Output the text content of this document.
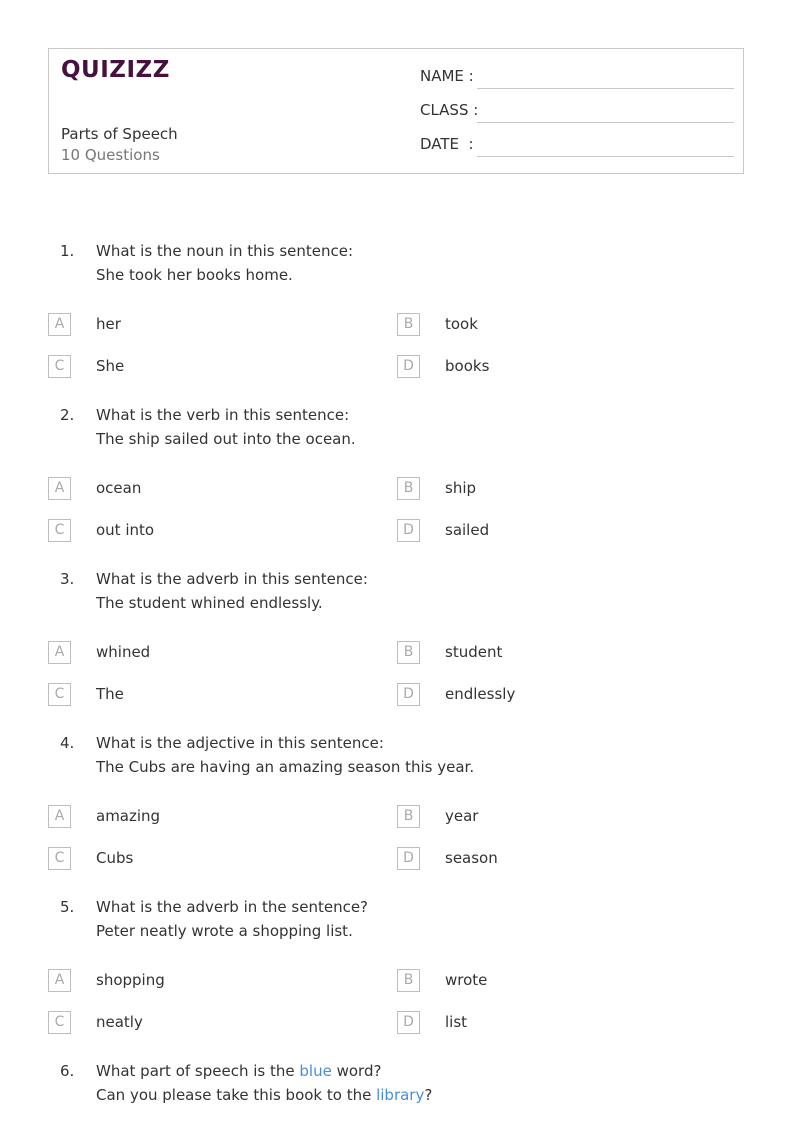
QUIZIZZ
Parts of Speech
10 Questions
NAME :
CLASS :
DATE  :
1. What is the noun in this sentence:
She took her books home.
A	her	B	took
C	She	D	books
2. What is the verb in this sentence:
The ship sailed out into the ocean.
A	ocean	B	ship
C	out into	D	sailed
3. What is the adverb in this sentence:
The student whined endlessly.
A	whined	B	student
C	The	D	endlessly
4. What is the adjective in this sentence:
The Cubs are having an amazing season this year.
A	amazing	B	year
C	Cubs	D	season
5. What is the adverb in the sentence?
Peter neatly wrote a shopping list.
A	shopping	B	wrote
C	neatly	D	list
6. What part of speech is the blue word?
Can you please take this book to the library?
